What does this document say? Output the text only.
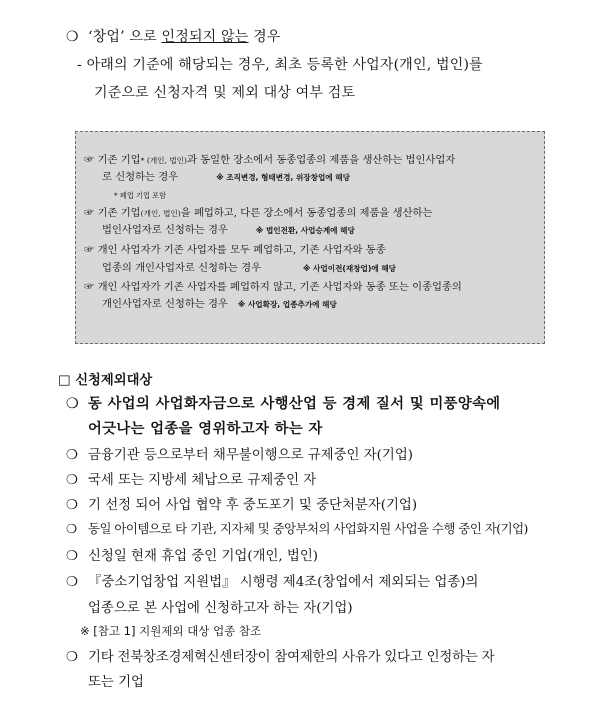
❍ ‘창업’ 으로 인정되지 않는 경우
- 아래의 기준에 해당되는 경우, 최초 등록한 사업자(개인, 법인)를
기준으로 신청자격 및 제외 대상 여부 검토
☞ 기존 기업* (개인, 법인)과 동일한 장소에서 동종업종의 제품을 생산하는 법인사업자
로 신청하는 경우	※ 조직변경, 형태변경, 위장창업에 해당
* 폐업 기업 포함
☞ 기존 기업(개인, 법인)을 폐업하고, 다른 장소에서 동종업종의 제품을 생산하는
법인사업자로 신청하는 경우	※ 법인전환, 사업승계에 해당
☞ 개인 사업자가 기존 사업자를 모두 폐업하고, 기존 사업자와 동종
업종의 개인사업자로 신청하는 경우	※ 사업이전(재창업)에 해당
☞ 개인 사업자가 기존 사업자를 폐업하지 않고, 기존 사업자와 동종 또는 이종업종의
개인사업자로 신청하는 경우 ※ 사업확장, 업종추가에 해당
□ 신청제외대상
❍ 동 사업의 사업화자금으로 사행산업 등 경제 질서 및 미풍양속에
어긋나는 업종을 영위하고자 하는 자
❍ 금융기관 등으로부터 채무불이행으로 규제중인 자(기업)
❍ 국세 또는 지방세 체납으로 규제중인 자
❍ 기 선정 되어 사업 협약 후 중도포기 및 중단처분자(기업)
❍ 동일 아이템으로 타 기관, 지자체 및 중앙부처의 사업화지원 사업을 수행 중인 자(기업)
❍ 신청일 현재 휴업 중인 기업(개인, 법인)
❍ 『중소기업창업 지원법』 시행령 제4조(창업에서 제외되는 업종)의
업종으로 본 사업에 신청하고자 하는 자(기업)
※ [참고 1] 지원제외 대상 업종 참조
❍ 기타 전북창조경제혁신센터장이 참여제한의 사유가 있다고 인정하는 자
또는 기업
